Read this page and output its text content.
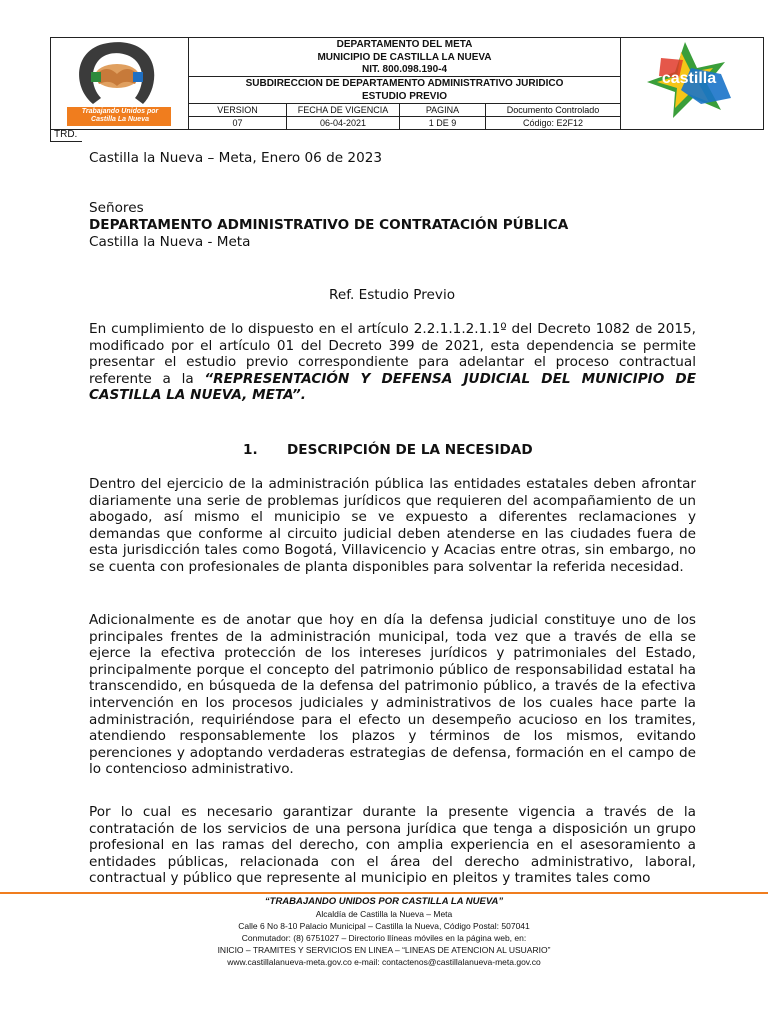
Trabajando Unidos por Castilla La Nueva
DEPARTAMENTO DEL META
MUNICIPIO DE CASTILLA LA NUEVA
NIT. 800.098.190-4
SUBDIRECCION DE DEPARTAMENTO ADMINISTRATIVO JURIDICO
ESTUDIO PREVIO
VERSION	FECHA DE VIGENCIA	PAGINA	Documento Controlado
07	06-04-2021	1 DE 9	Código: E2F12
castilla
TRD.
Castilla la Nueva – Meta, Enero 06 de 2023
Señores
DEPARTAMENTO ADMINISTRATIVO DE CONTRATACIÓN PÚBLICA
Castilla la Nueva - Meta
Ref. Estudio Previo
En cumplimiento de lo dispuesto en el artículo 2.2.1.1.2.1.1º del Decreto 1082 de 2015, modificado por el artículo 01 del Decreto 399 de 2021, esta dependencia se permite presentar el estudio previo correspondiente para adelantar el proceso contractual referente a la “REPRESENTACIÓN Y DEFENSA JUDICIAL DEL MUNICIPIO DE CASTILLA LA NUEVA, META”.
1.	DESCRIPCIÓN DE LA NECESIDAD
Dentro del ejercicio de la administración pública las entidades estatales deben afrontar diariamente una serie de problemas jurídicos que requieren del acompañamiento de un abogado, así mismo el municipio se ve expuesto a diferentes reclamaciones y demandas que conforme al circuito judicial deben atenderse en las ciudades fuera de esta jurisdicción tales como Bogotá, Villavicencio y Acacias entre otras, sin embargo, no se cuenta con profesionales de planta disponibles para solventar la referida necesidad.
Adicionalmente es de anotar que hoy en día la defensa judicial constituye uno de los principales frentes de la administración municipal, toda vez que a través de ella se ejerce la efectiva protección de los intereses jurídicos y patrimoniales del Estado, principalmente porque el concepto del patrimonio público de responsabilidad estatal ha transcendido, en búsqueda de la defensa del patrimonio público, a través de la efectiva intervención en los procesos judiciales y administrativos de los cuales hace parte la administración, requiriéndose para el efecto un desempeño acucioso en los tramites, atendiendo responsablemente los plazos y términos de los mismos, evitando perenciones y adoptando verdaderas estrategias de defensa, formación en el campo de lo contencioso administrativo.
Por lo cual es necesario garantizar durante la presente vigencia a través de la contratación de los servicios de una persona jurídica que tenga a disposición un grupo profesional en las ramas del derecho, con amplia experiencia en el asesoramiento a entidades públicas, relacionada con el área del derecho administrativo, laboral, contractual y público que represente al municipio en pleitos y tramites tales como
“TRABAJANDO UNIDOS POR CASTILLA LA NUEVA”
Alcaldía de Castilla la Nueva – Meta
Calle 6 No 8-10 Palacio Municipal – Castilla la Nueva, Código Postal: 507041
Conmutador: (8) 6751027 – Directorio llíneas móviles en la página web, en:
INICIO – TRAMITES Y SERVICIOS EN LINEA – “LINEAS DE ATENCION AL USUARIO”
www.castillalanueva-meta.gov.co e-mail: contactenos@castillalanueva-meta.gov.co
